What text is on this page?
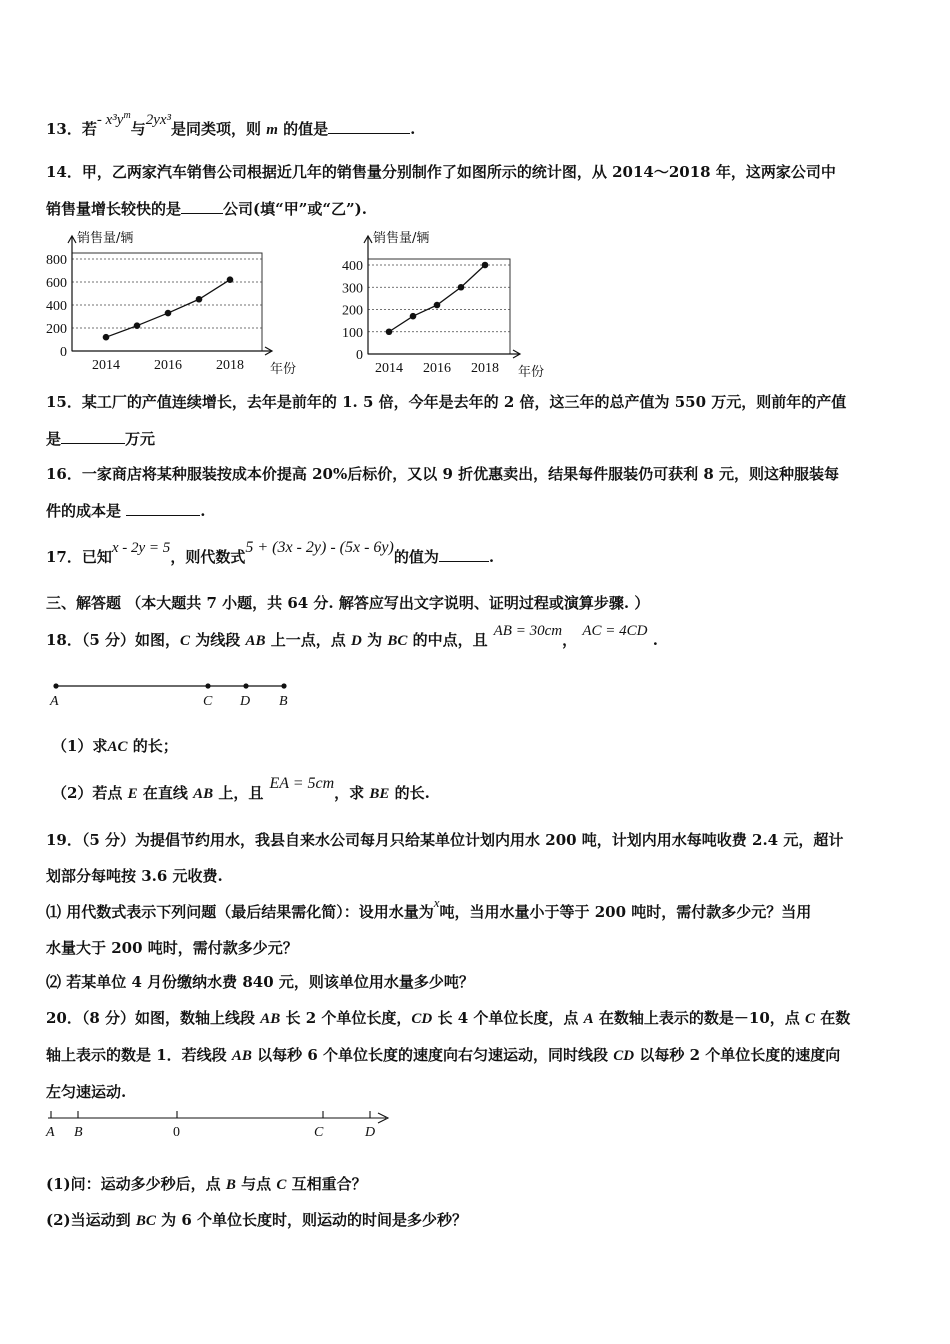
13．若- $x^3y^m$与2yx³是同类项，则 m 的值是	.
14．甲，乙两家汽车销售公司根据近几年的销售量分别制作了如图所示的统计图，从 2014～2018 年，这两家公司中
销售量增长较快的是	公司(填“甲”或“乙”).
0
200
400
600
800
2014 2016 2018
销售量/辆
年份
0
100
200
300
400
2014 2016 2018
销售量/辆
年份
15．某工厂的产值连续增长，去年是前年的 1. 5 倍，今年是去年的 2 倍，这三年的总产值为 550 万元，则前年的产值
是	万元
16．一家商店将某种服装按成本价提高 20%后标价，又以 9 折优惠卖出，结果每件服装仍可获利 8 元，则这种服装每
件的成本是	.
17．已知x - 2y = 5，则代数式5 + (3x - 2y) - (5x - 6y)的值为	.
三、解答题 （本大题共 7 小题，共 64 分. 解答应写出文字说明、证明过程或演算步骤. ）
18．（5 分）如图，C 为线段 AB 上一点，点 D 为 BC 的中点，且 AB = 30cm， AC = 4CD .
A	C D B
（1）求AC 的长；
（2）若点 E 在直线 AB 上，且EA = 5cm，求 BE 的长.
19．（5 分）为提倡节约用水，我县自来水公司每月只给某单位计划内用水 200 吨，计划内用水每吨收费 2.4 元，超计
划部分每吨按 3.6 元收费.
⑴ 用代数式表示下列问题（最后结果需化简）：设用水量为x吨，当用水量小于等于 200 吨时，需付款多少元？当用
水量大于 200 吨时，需付款多少元？
⑵ 若某单位 4 月份缴纳水费 840 元，则该单位用水量多少吨？
20．（8 分）如图，数轴上线段 AB 长 2 个单位长度，CD 长 4 个单位长度，点 A 在数轴上表示的数是－10，点 C 在数
轴上表示的数是 1．若线段 AB 以每秒 6 个单位长度的速度向右匀速运动，同时线段 CD 以每秒 2 个单位长度的速度向
左匀速运动.
A B	0	C	D
(1)问：运动多少秒后，点 B 与点 C 互相重合？
(2)当运动到 BC 为 6 个单位长度时，则运动的时间是多少秒？
